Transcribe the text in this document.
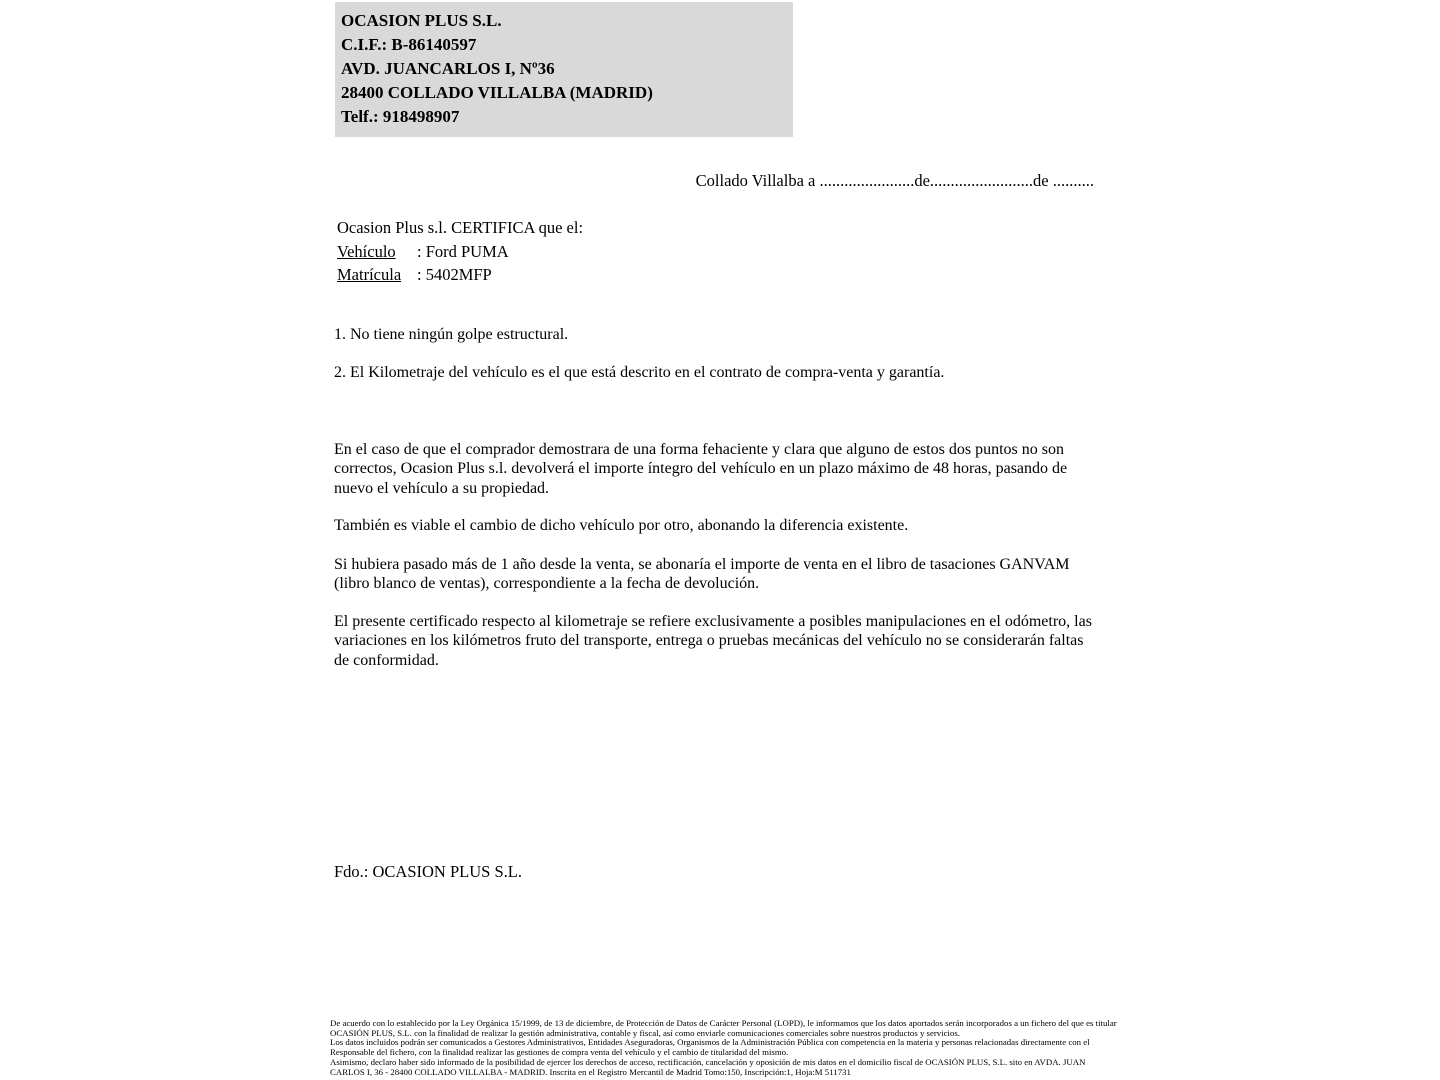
OCASION PLUS S.L.
C.I.F.: B-86140597
AVD. JUANCARLOS I, Nº36
28400 COLLADO VILLALBA (MADRID)
Telf.: 918498907
Collado Villalba a .......................de.........................de ..........
Ocasion Plus s.l. CERTIFICA que el:
Vehículo	: Ford PUMA
Matrícula : 5402MFP
1. No tiene ningún golpe estructural.
2. El Kilometraje del vehículo es el que está descrito en el contrato de compra-venta y garantía.
En el caso de que el comprador demostrara de una forma fehaciente y clara que alguno de estos dos puntos no son correctos, Ocasion Plus s.l. devolverá el importe íntegro del vehículo en un plazo máximo de 48 horas, pasando de nuevo el vehículo a su propiedad.
También es viable el cambio de dicho vehículo por otro, abonando la diferencia existente.
Si hubiera pasado más de 1 año desde la venta, se abonaría el importe de venta en el libro de tasaciones GANVAM (libro blanco de ventas), correspondiente a la fecha de devolución.
El presente certificado respecto al kilometraje se refiere exclusivamente a posibles manipulaciones en el odómetro, las variaciones en los kilómetros fruto del transporte, entrega o pruebas mecánicas del vehículo no se considerarán faltas de conformidad.
Fdo.: OCASION PLUS S.L.
De acuerdo con lo establecido por la Ley Orgánica 15/1999, de 13 de diciembre, de Protección de Datos de Carácter Personal (LOPD), le informamos que los datos aportados serán incorporados a un fichero del que es titular
OCASIÓN PLUS, S.L. con la finalidad de realizar la gestión administrativa, contable y fiscal, así como enviarle comunicaciones comerciales sobre nuestros productos y servicios.
Los datos incluidos podrán ser comunicados a Gestores Administrativos, Entidades Aseguradoras, Organismos de la Administración Pública con competencia en la materia y personas relacionadas directamente con el
Responsable del fichero, con la finalidad realizar las gestiones de compra venta del vehículo y el cambio de titularidad del mismo.
Asimismo, declaro haber sido informado de la posibilidad de ejercer los derechos de acceso, rectificación, cancelación y oposición de mis datos en el domicilio fiscal de OCASIÓN PLUS, S.L. sito en AVDA. JUAN
CARLOS I, 36 - 28400 COLLADO VILLALBA - MADRID. Inscrita en el Registro Mercantil de Madrid Tomo:150, Inscripción:1, Hoja:M 511731
